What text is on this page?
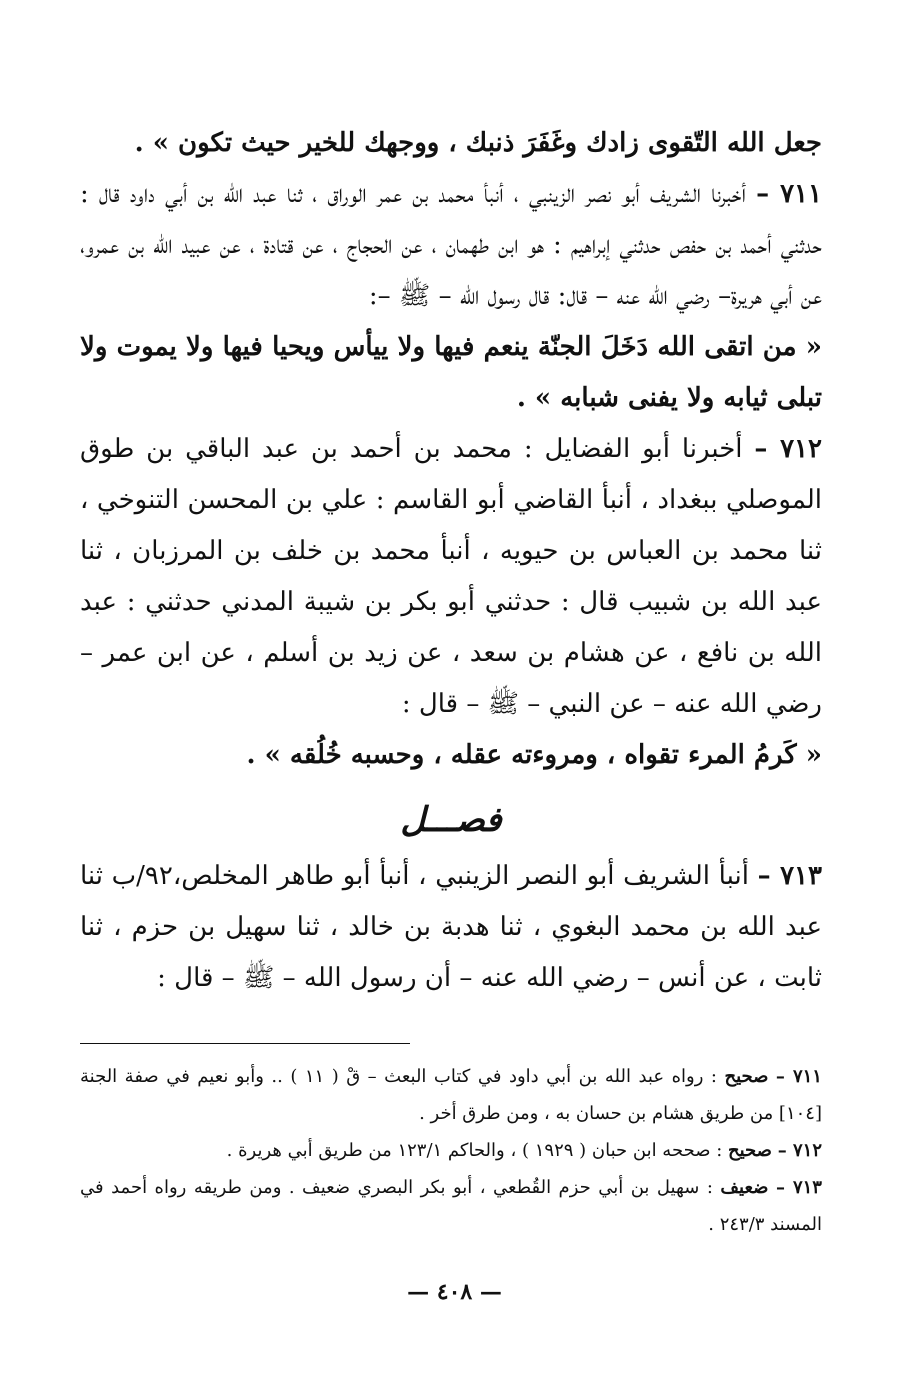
جعل الله التّقوى زادك وغَفَرَ ذنبك ، ووجهك للخير حيث تكون » .

٧١١ – أخبرنا الشريف أبو نصر الزينبي ، أنبأ محمد بن عمر الوراق ، ثنا عبد الله بن أبي داود قال : حدثني أحمد بن حفص حدثني إبراهيم : هو ابن طهمان ، عن الحجاج ، عن قتادة ، عن عبيد الله بن عمرو، عن أبي هريرة– رضي الله عنه – قال: قال رسول الله – ﷺ –:

« من اتقى الله دَخَلَ الجنّة ينعم فيها ولا ييأس ويحيا فيها ولا يموت ولا تبلى ثيابه ولا يفنى شبابه » .

٧١٢ – أخبرنا أبو الفضايل : محمد بن أحمد بن عبد الباقي بن طوق الموصلي ببغداد ، أنبأ القاضي أبو القاسم : علي بن المحسن التنوخي ، ثنا محمد بن العباس بن حيويه ، أنبأ محمد بن خلف بن المرزبان ، ثنا عبد الله بن شبيب قال : حدثني أبو بكر بن شيبة المدني حدثني : عبد الله بن نافع ، عن هشام بن سعد ، عن زيد بن أسلم ، عن ابن عمر – رضي الله عنه – عن النبي – ﷺ – قال :

« كَرمُ المرء تقواه ، ومروءته عقله ، وحسبه خُلُقه » .

فصـــل

٧١٣ – أنبأ الشريف أبو النصر الزينبي ، أنبأ أبو طاهر المخلص،٩٢/ب ثنا عبد الله بن محمد البغوي ، ثنا هدبة بن خالد ، ثنا سهيل بن حزم ، ثنا ثابت ، عن أنس – رضي الله عنه – أن رسول الله – ﷺ – قال :

٧١١ – صحيح : رواه عبد الله بن أبي داود في كتاب البعث – قْ ( ١١ ) .. وأبو نعيم في صفة الجنة [١٠٤] من طريق هشام بن حسان به ، ومن طرق أخر .

٧١٢ – صحيح : صححه ابن حبان ( ١٩٢٩ ) ، والحاكم ١٢٣/١ من طريق أبي هريرة .

٧١٣ – ضعيف : سهيل بن أبي حزم القُطعي ، أبو بكر البصري ضعيف . ومن طريقه رواه أحمد في المسند ٢٤٣/٣ .

— ٤٠٨ —
